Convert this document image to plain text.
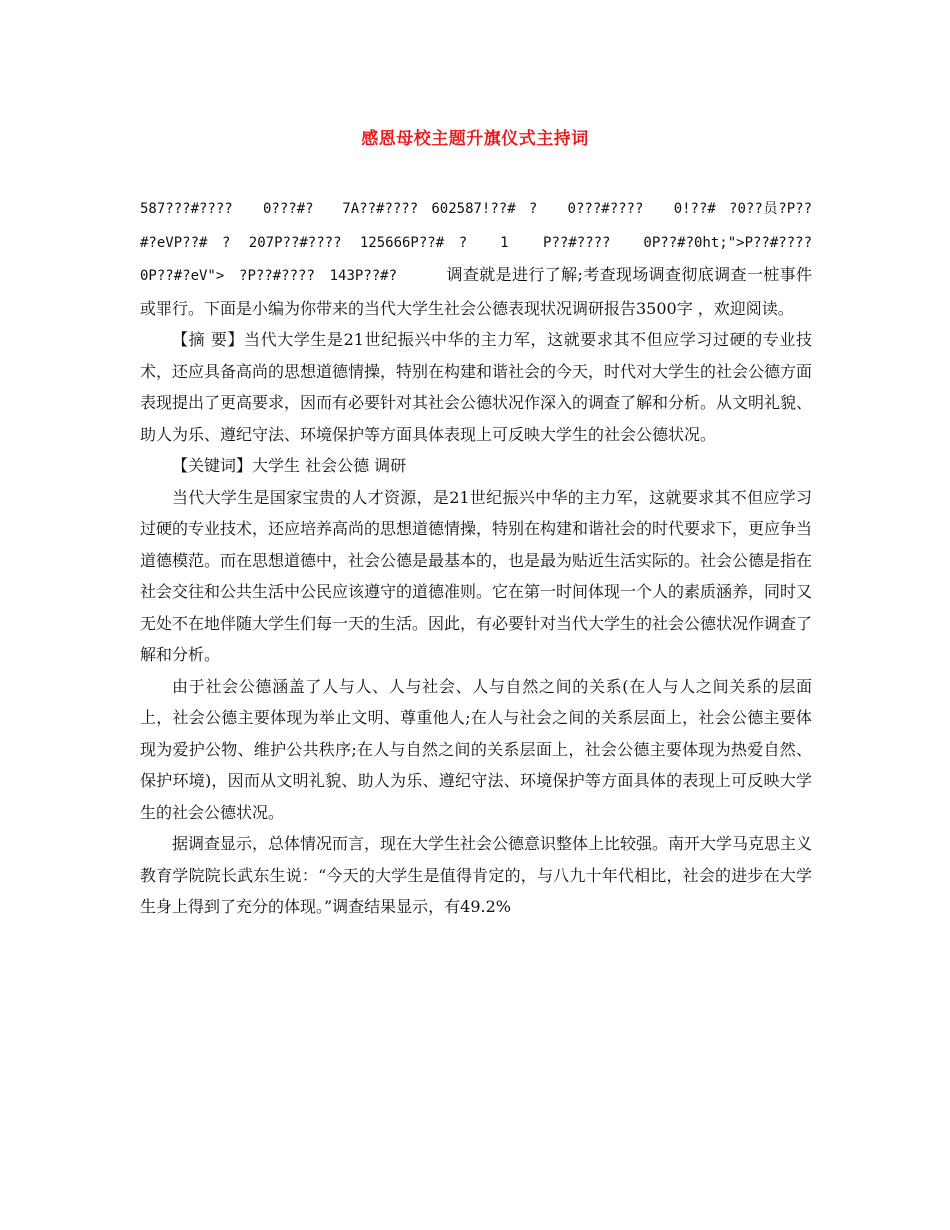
感恩母校主题升旗仪式主持词

587???#????　　0???#?　 7A??#???? 602587!??# ?　　0???#????　　0!??# ?0??员?P??#?eVP??# ?　207P??#????　125666P??# ?　 1　　P??#????　 0P??#?0ht;">P??#????　 0P??#?eV">　?P??#????　143P??#?　　　调查就是进行了解;考查现场调查彻底调查一桩事件或罪行。下面是小编为你带来的当代大学生社会公德表现状况调研报告3500字 ，欢迎阅读。

【摘 要】当代大学生是21世纪振兴中华的主力军，这就要求其不但应学习过硬的专业技术，还应具备高尚的思想道德情操，特别在构建和谐社会的今天，时代对大学生的社会公德方面表现提出了更高要求，因而有必要针对其社会公德状况作深入的调查了解和分析。从文明礼貌、助人为乐、遵纪守法、环境保护等方面具体表现上可反映大学生的社会公德状况。

【关键词】大学生 社会公德 调研

当代大学生是国家宝贵的人才资源，是21世纪振兴中华的主力军，这就要求其不但应学习过硬的专业技术，还应培养高尚的思想道德情操，特别在构建和谐社会的时代要求下，更应争当道德模范。而在思想道德中，社会公德是最基本的，也是最为贴近生活实际的。社会公德是指在社会交往和公共生活中公民应该遵守的道德准则。它在第一时间体现一个人的素质涵养，同时又无处不在地伴随大学生们每一天的生活。因此，有必要针对当代大学生的社会公德状况作调查了解和分析。

由于社会公德涵盖了人与人、人与社会、人与自然之间的关系(在人与人之间关系的层面上，社会公德主要体现为举止文明、尊重他人;在人与社会之间的关系层面上，社会公德主要体现为爱护公物、维护公共秩序;在人与自然之间的关系层面上，社会公德主要体现为热爱自然、保护环境)，因而从文明礼貌、助人为乐、遵纪守法、环境保护等方面具体的表现上可反映大学生的社会公德状况。

据调查显示，总体情况而言，现在大学生社会公德意识整体上比较强。南开大学马克思主义教育学院院长武东生说：“今天的大学生是值得肯定的，与八九十年代相比，社会的进步在大学生身上得到了充分的体现。”调查结果显示，有49.2%
